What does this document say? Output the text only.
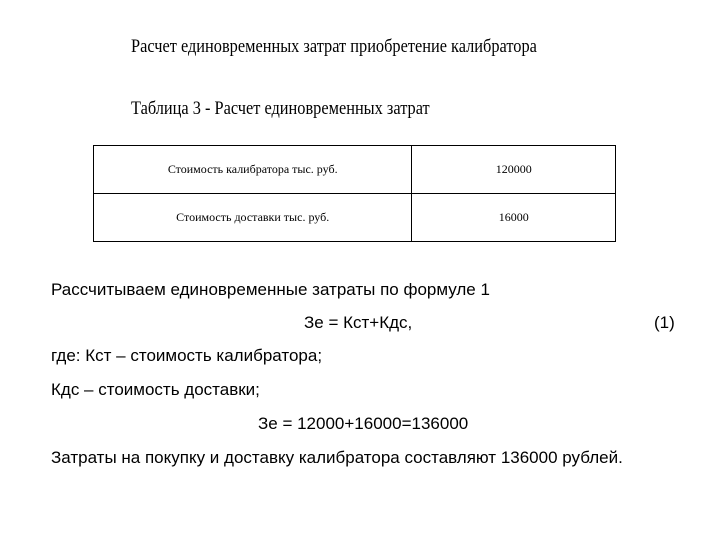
Расчет единовременных затрат приобретение калибратора
Таблица 3 - Расчет единовременных затрат
Стоимость калибратора тыс. руб.	120000
Стоимость доставки тыс. руб.	16000
Рассчитываем единовременные затраты по формуле 1
Зе = Кст+Кдс,	(1)
где: Кст – стоимость калибратора;
Кдс – стоимость доставки;
Зе = 12000+16000=136000
Затраты на покупку и доставку калибратора составляют 136000 рублей.
